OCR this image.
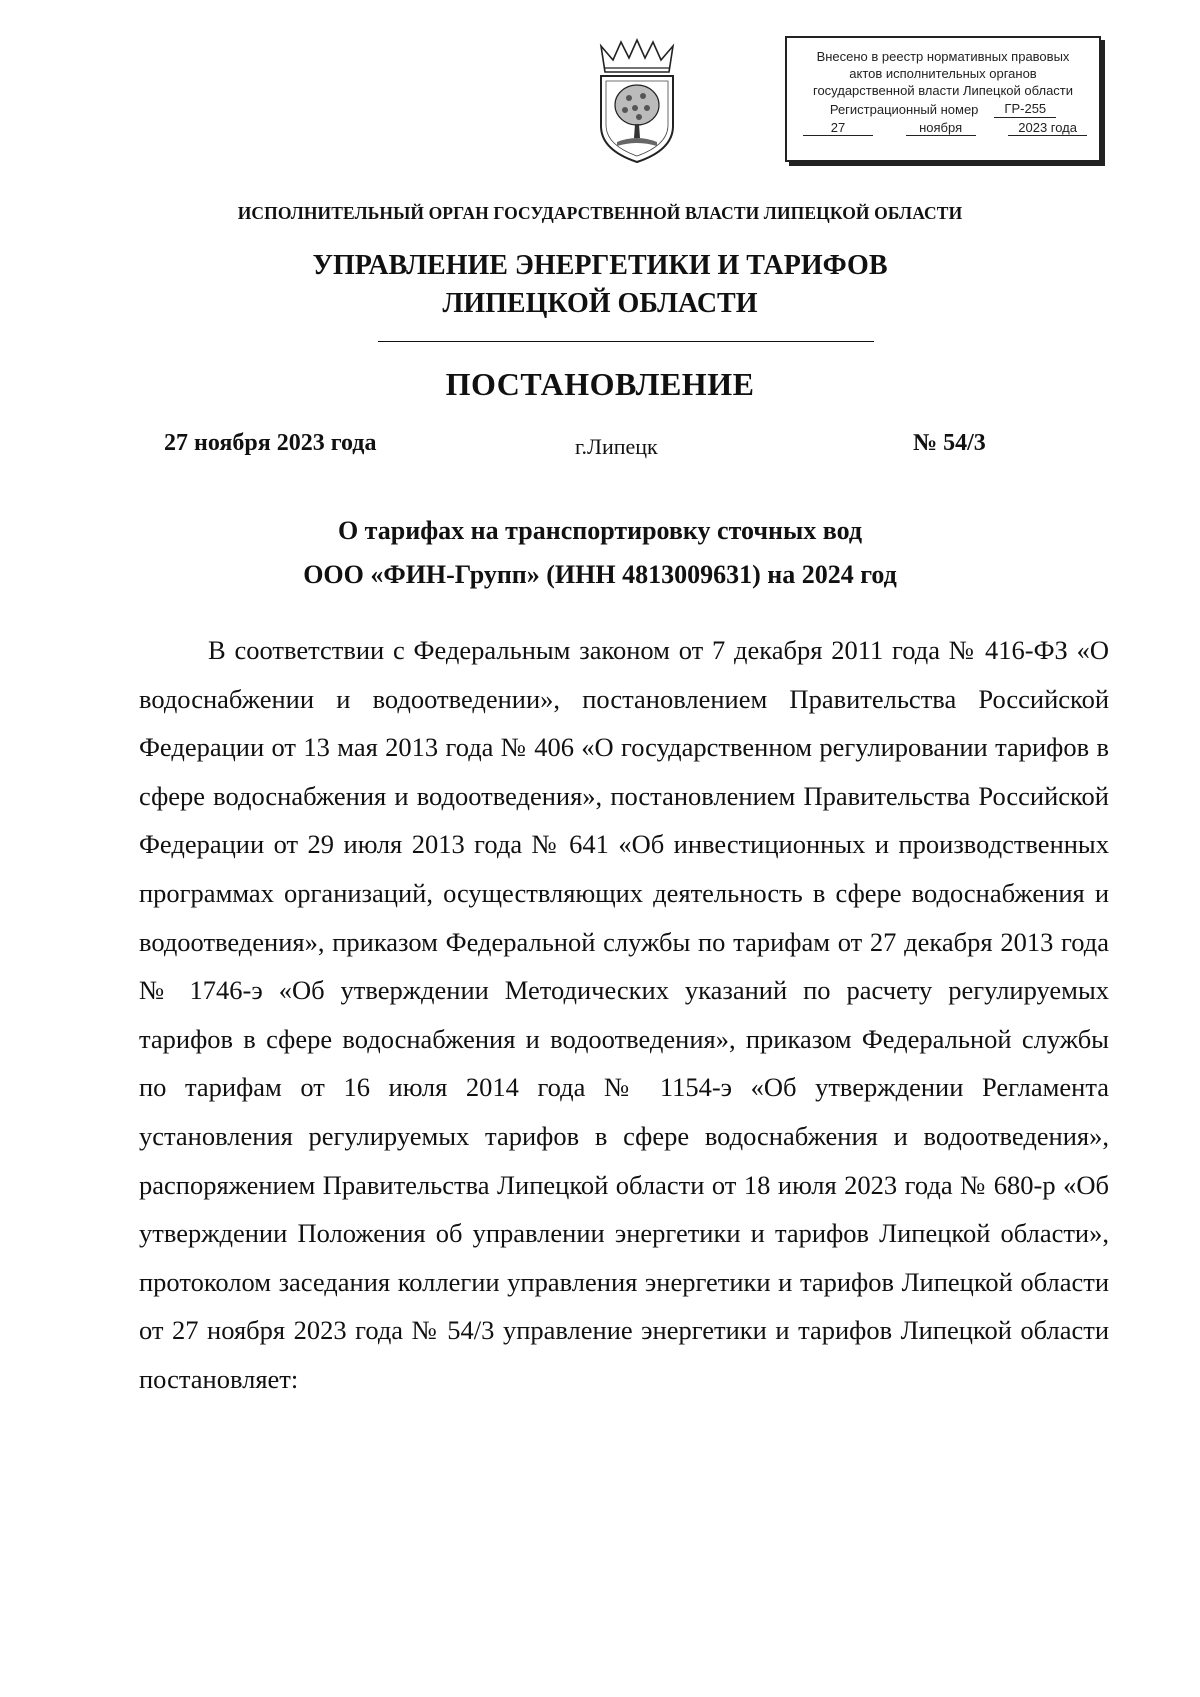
Внесено в реестр нормативных правовых
актов исполнительных органов
государственной власти Липецкой области
Регистрационный номер	ГР-255
27	ноября	2023 года
ИСПОЛНИТЕЛЬНЫЙ ОРГАН ГОСУДАРСТВЕННОЙ ВЛАСТИ ЛИПЕЦКОЙ ОБЛАСТИ
УПРАВЛЕНИЕ ЭНЕРГЕТИКИ И ТАРИФОВ
ЛИПЕЦКОЙ ОБЛАСТИ
ПОСТАНОВЛЕНИЕ
27 ноября 2023 года	г.Липецк	№ 54/3
О тарифах на транспортировку сточных вод
ООО «ФИН-Групп» (ИНН 4813009631) на 2024 год

В соответствии с Федеральным законом от 7 декабря 2011 года № 416-ФЗ «О водоснабжении и водоотведении», постановлением Правительства Российской Федерации от 13 мая 2013 года № 406 «О государственном регулировании тарифов в сфере водоснабжения и водоотведения», постановлением Правительства Российской Федерации от 29 июля 2013 года № 641 «Об инвестиционных и производственных программах организаций, осуществляющих деятельность в сфере водоснабжения и водоотведения», приказом Федеральной службы по тарифам от 27 декабря 2013 года № 1746-э «Об утверждении Методических указаний по расчету регулируемых тарифов в сфере водоснабжения и водоотведения», приказом Федеральной службы по тарифам от 16 июля 2014 года № 1154-э «Об утверждении Регламента установления регулируемых тарифов в сфере водоснабжения и водоотведения», распоряжением Правительства Липецкой области от 18 июля 2023 года № 680-р «Об утверждении Положения об управлении энергетики и тарифов Липецкой области», протоколом заседания коллегии управления энергетики и тарифов Липецкой области от 27 ноября 2023 года № 54/3 управление энергетики и тарифов Липецкой области постановляет:
